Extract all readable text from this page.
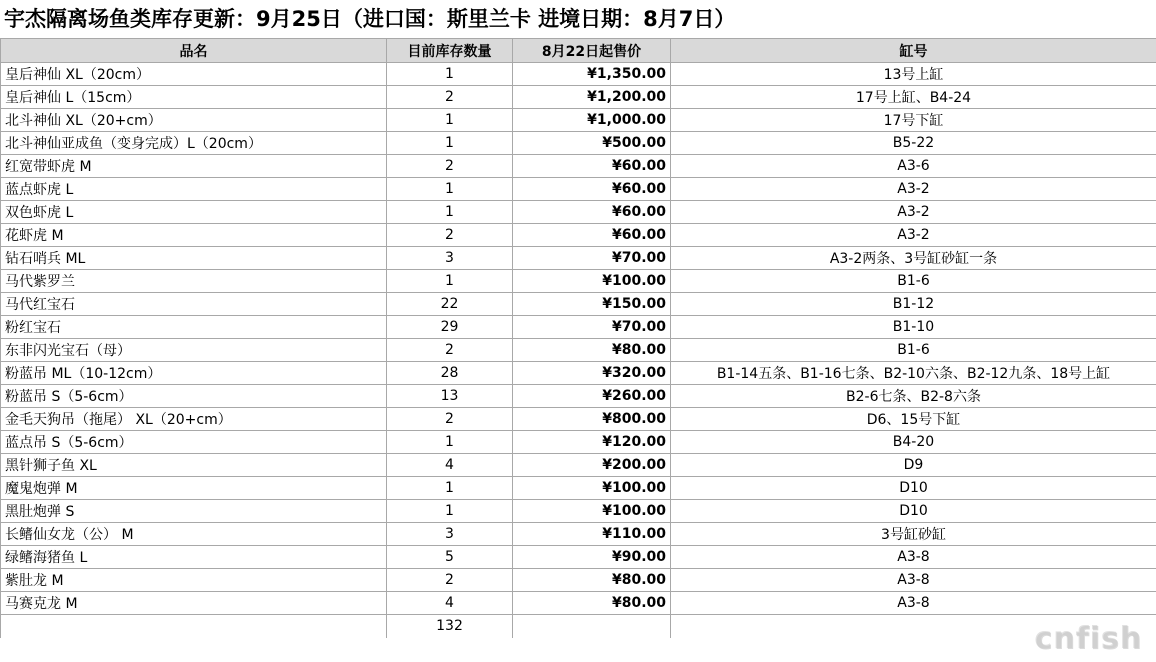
宇杰隔离场鱼类库存更新：9月25日（进口国：斯里兰卡 进境日期：8月7日）
品名	目前库存数量	8月22日起售价	缸号
皇后神仙 XL（20cm）	1	¥1,350.00	13号上缸
皇后神仙 L（15cm）	2	¥1,200.00	17号上缸、B4-24
北斗神仙 XL（20+cm）	1	¥1,000.00	17号下缸
北斗神仙亚成鱼（变身完成）L（20cm）	1	¥500.00	B5-22
红宽带虾虎 M	2	¥60.00	A3-6
蓝点虾虎 L	1	¥60.00	A3-2
双色虾虎 L	1	¥60.00	A3-2
花虾虎 M	2	¥60.00	A3-2
钻石哨兵 ML	3	¥70.00	A3-2两条、3号缸砂缸一条
马代紫罗兰	1	¥100.00	B1-6
马代红宝石	22	¥150.00	B1-12
粉红宝石	29	¥70.00	B1-10
东非闪光宝石（母）	2	¥80.00	B1-6
粉蓝吊 ML（10-12cm）	28	¥320.00	B1-14五条、B1-16七条、B2-10六条、B2-12九条、18号上缸
粉蓝吊 S（5-6cm）	13	¥260.00	B2-6七条、B2-8六条
金毛天狗吊（拖尾） XL（20+cm）	2	¥800.00	D6、15号下缸
蓝点吊 S（5-6cm）	1	¥120.00	B4-20
黑针狮子鱼 XL	4	¥200.00	D9
魔鬼炮弹 M	1	¥100.00	D10
黑肚炮弹 S	1	¥100.00	D10
长鳍仙女龙（公） M	3	¥110.00	3号缸砂缸
绿鳍海猪鱼 L	5	¥90.00	A3-8
紫肚龙 M	2	¥80.00	A3-8
马赛克龙 M	4	¥80.00	A3-8
	132			cnfish
